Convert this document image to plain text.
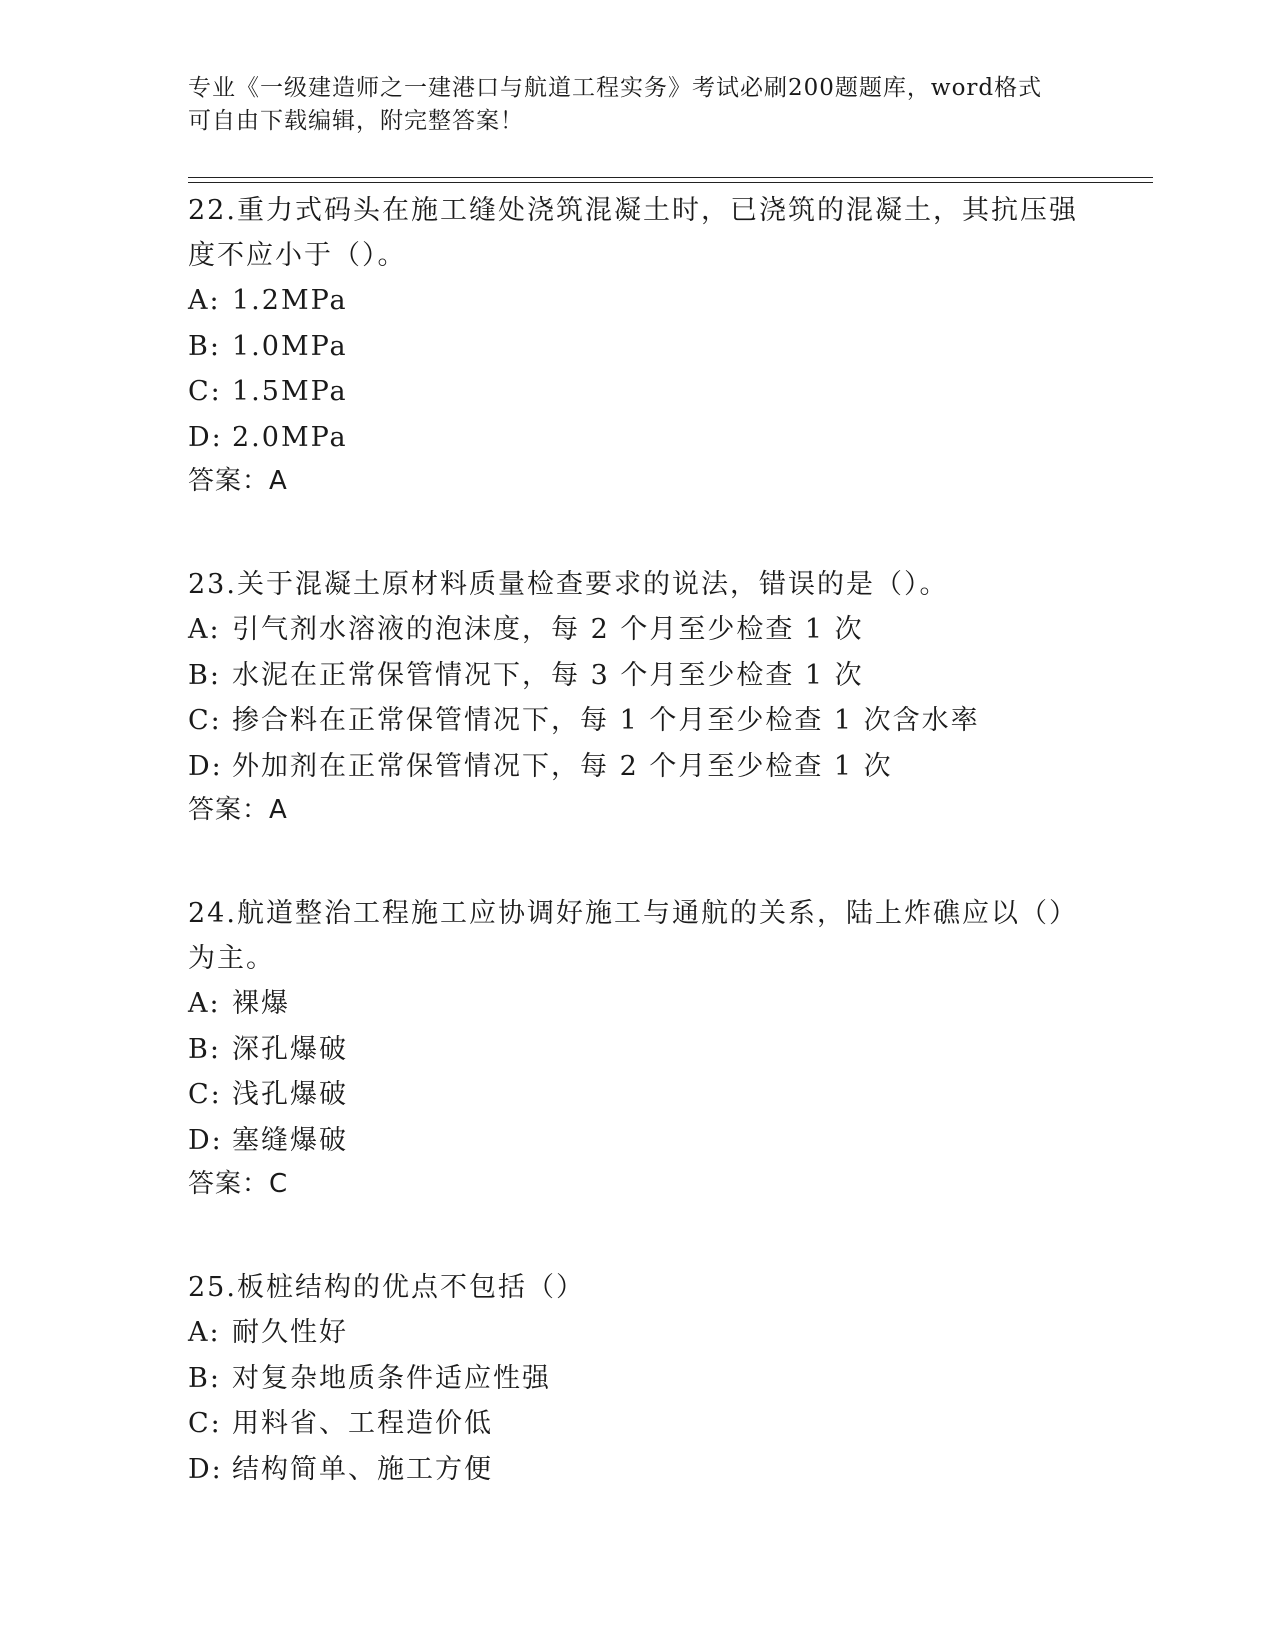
专业《一级建造师之一建港口与航道工程实务》考试必刷200题题库，word格式
可自由下载编辑，附完整答案！

22.重力式码头在施工缝处浇筑混凝土时，已浇筑的混凝土，其抗压强度不应小于（）。

A: 1.2MPa
B: 1.0MPa
C: 1.5MPa
D: 2.0MPa
答案：A

23.关于混凝土原材料质量检查要求的说法，错误的是（）。

A: 引气剂水溶液的泡沫度，每 2 个月至少检查 1 次
B: 水泥在正常保管情况下，每 3 个月至少检查 1 次
C: 掺合料在正常保管情况下，每 1 个月至少检查 1 次含水率
D: 外加剂在正常保管情况下，每 2 个月至少检查 1 次
答案：A

24.航道整治工程施工应协调好施工与通航的关系，陆上炸礁应以（）为主。

A: 裸爆
B: 深孔爆破
C: 浅孔爆破
D: 塞缝爆破
答案：C

25.板桩结构的优点不包括（）

A: 耐久性好
B: 对复杂地质条件适应性强
C: 用料省、工程造价低
D: 结构简单、施工方便
